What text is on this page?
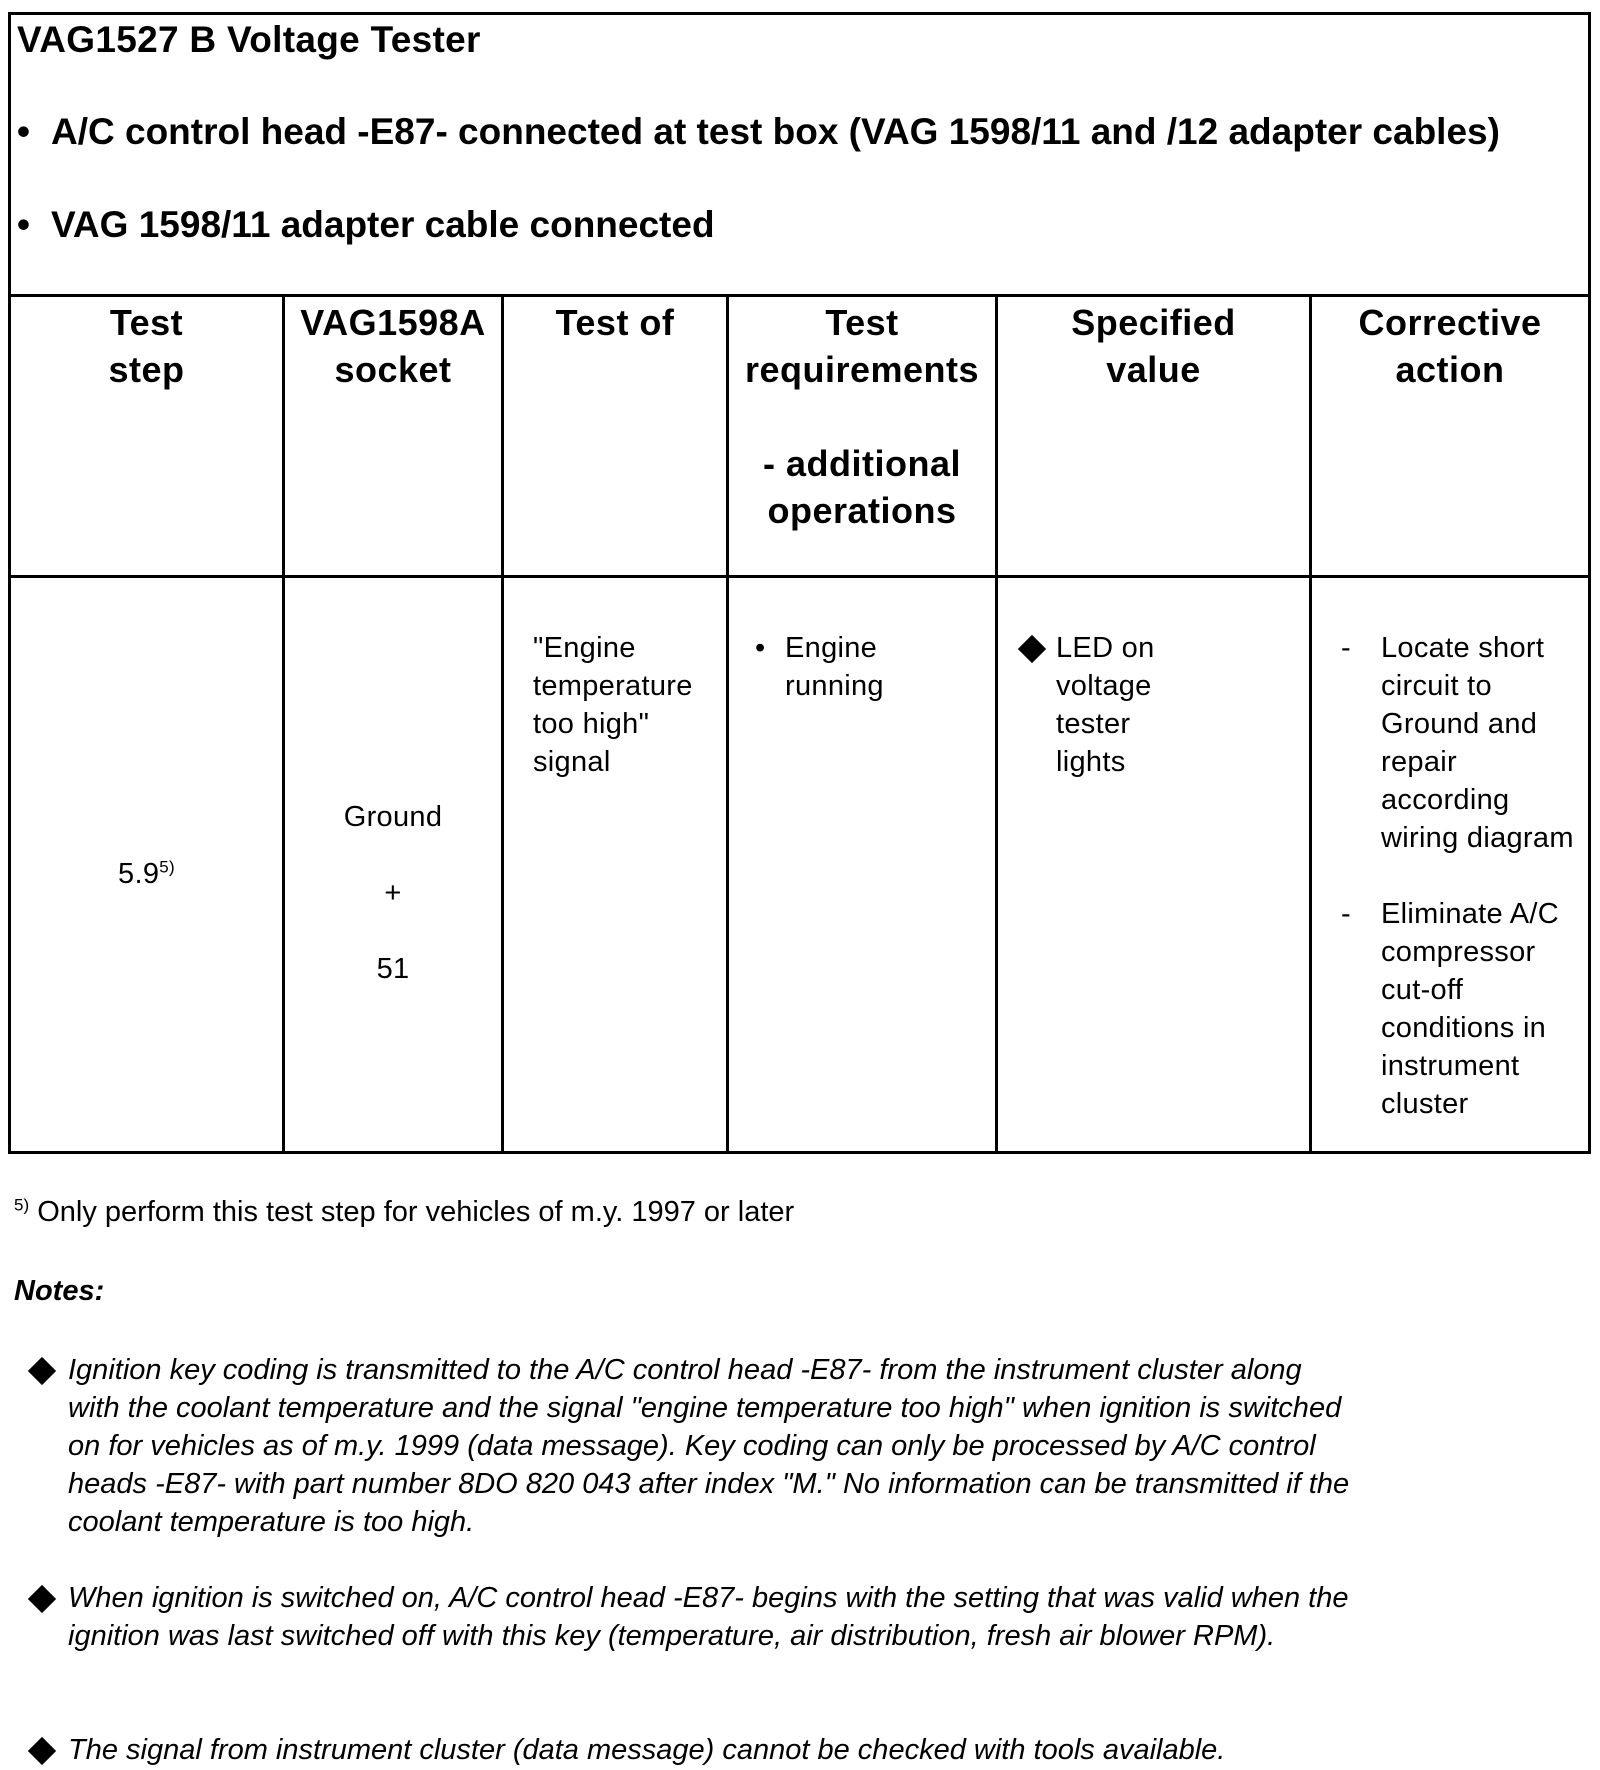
VAG1527 B Voltage Tester
• A/C control head -E87- connected at test box (VAG 1598/11 and /12 adapter cables)
• VAG 1598/11 adapter cable connected
Test
step
VAG1598A
socket
Test of	Test
requirements
- additional
operations
Specified
value
Corrective
action
5.9$^{5)}$
Ground
+
51
"Engine
temperature
too high"
signal
• Engine
running
LED on
voltage
tester
lights
- Locate short
circuit to
Ground and
repair
according
wiring diagram
- Eliminate A/C
compressor
cut-off
conditions in
instrument
cluster
$^{5)}$ Only perform this test step for vehicles of m.y. 1997 or later
Notes:
Ignition key coding is transmitted to the A/C control head -E87- from the instrument cluster along with the coolant temperature and the signal "engine temperature too high" when ignition is switched on for vehicles as of m.y. 1999 (data message). Key coding can only be processed by A/C control heads -E87- with part number 8DO 820 043 after index "M." No information can be transmitted if the coolant temperature is too high.
When ignition is switched on, A/C control head -E87- begins with the setting that was valid when the ignition was last switched off with this key (temperature, air distribution, fresh air blower RPM).
The signal from instrument cluster (data message) cannot be checked with tools available.
